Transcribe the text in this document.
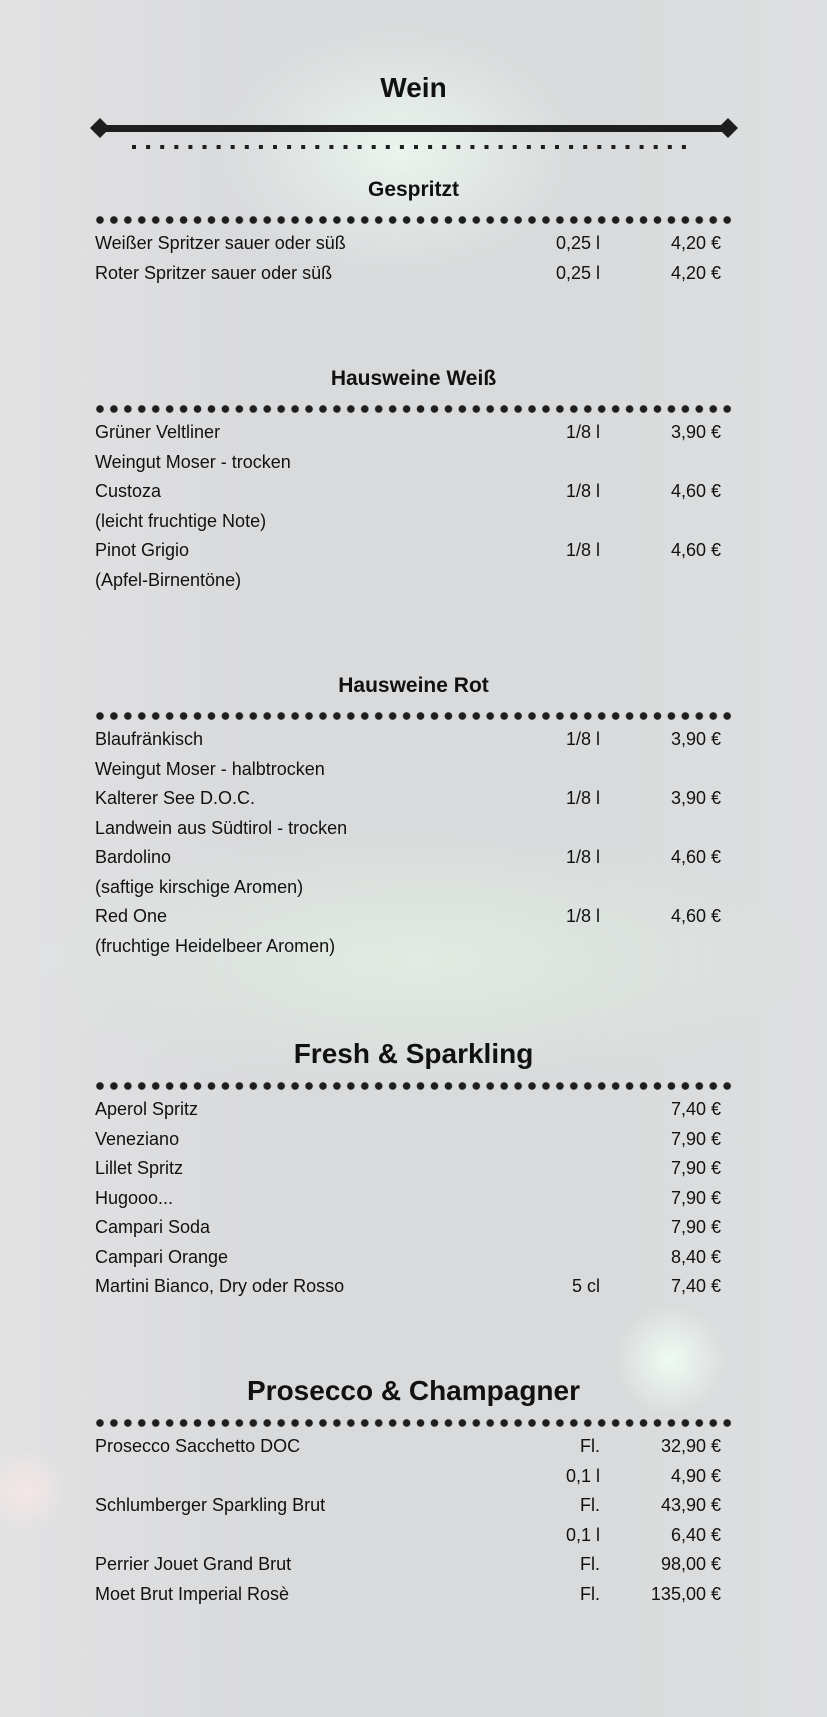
Wein
Gespritzt
Weißer Spritzer sauer oder süß	0,25 l	4,20 €
Roter Spritzer sauer oder süß	0,25 l	4,20 €
Hausweine Weiß
Grüner Veltliner	1/8 l	3,90 €
Weingut Moser - trocken
Custoza	1/8 l	4,60 €
(leicht fruchtige Note)
Pinot Grigio	1/8 l	4,60 €
(Apfel-Birnentöne)
Hausweine Rot
Blaufränkisch	1/8 l	3,90 €
Weingut Moser - halbtrocken
Kalterer See D.O.C.	1/8 l	3,90 €
Landwein aus Südtirol - trocken
Bardolino	1/8 l	4,60 €
(saftige kirschige Aromen)
Red One	1/8 l	4,60 €
(fruchtige Heidelbeer Aromen)
Fresh & Sparkling
Aperol Spritz	7,40 €
Veneziano	7,90 €
Lillet Spritz	7,90 €
Hugooo...	7,90 €
Campari Soda	7,90 €
Campari Orange	8,40 €
Martini Bianco, Dry oder Rosso	5 cl	7,40 €
Prosecco & Champagner
Prosecco Sacchetto DOC	Fl.	32,90 €
0,1 l	4,90 €
Schlumberger Sparkling Brut	Fl.	43,90 €
0,1 l	6,40 €
Perrier Jouet Grand Brut	Fl.	98,00 €
Moet Brut Imperial Rosè	Fl.	135,00 €
